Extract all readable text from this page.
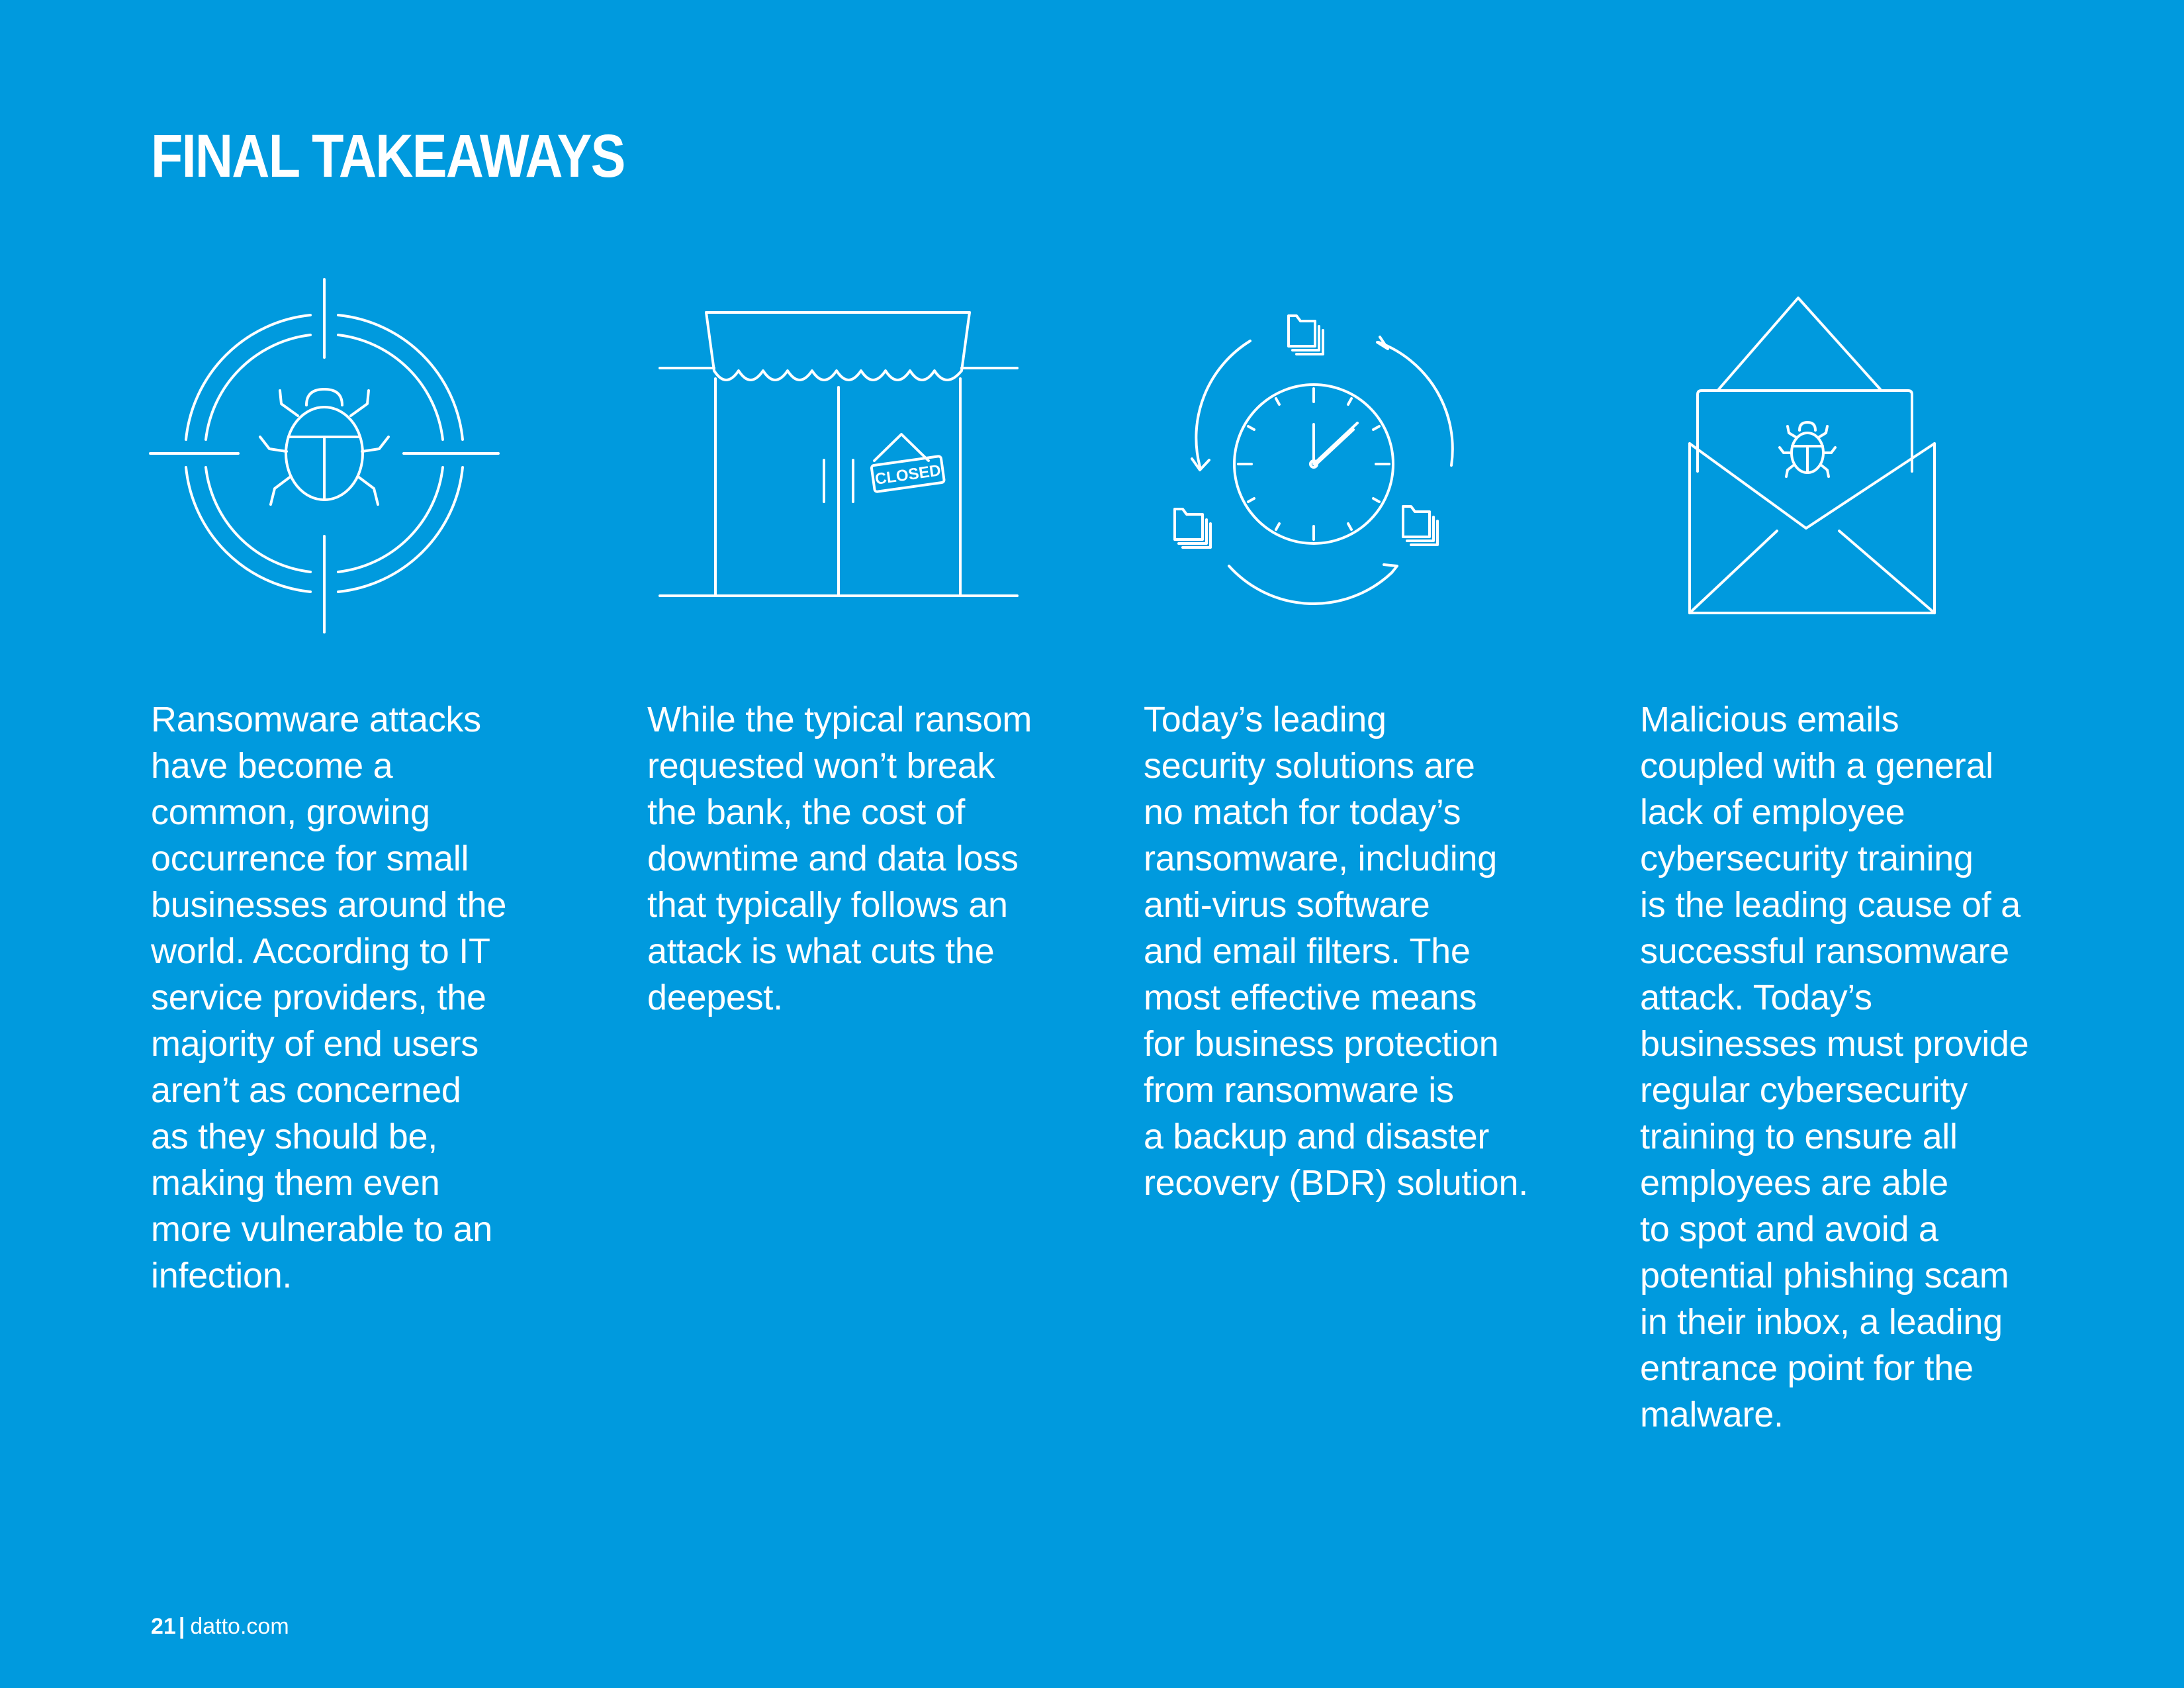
FINAL TAKEAWAYS
CLOSED

Ransomware attacks
have become a
common, growing
occurrence for small
businesses around the
world. According to IT
service providers, the
majority of end users
aren’t as concerned
as they should be,
making them even
more vulnerable to an
infection.

While the typical ransom
requested won’t break
the bank, the cost of
downtime and data loss
that typically follows an
attack is what cuts the
deepest.

Today’s leading
security solutions are
no match for today’s
ransomware, including
anti-virus software
and email filters. The
most effective means
for business protection
from ransomware is
a backup and disaster
recovery (BDR) solution.

Malicious emails
coupled with a general
lack of employee
cybersecurity training
is the leading cause of a
successful ransomware
attack. Today’s
businesses must provide
regular cybersecurity
training to ensure all
employees are able
to spot and avoid a
potential phishing scam
in their inbox, a leading
entrance point for the
malware.

21 | datto.com
